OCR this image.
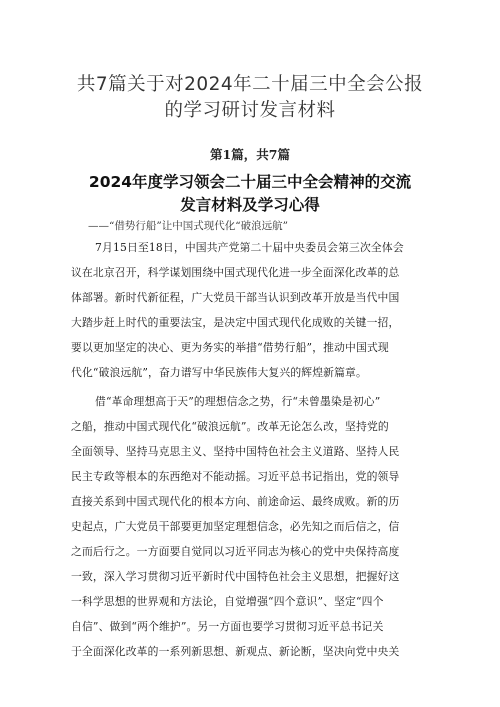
共7篇关于对2024年二十届三中全会公报
的学习研讨发言材料
第1篇，共7篇
2024年度学习领会二十届三中全会精神的交流
发言材料及学习心得
——“借势行船”让中国式现代化“破浪远航”
7月15日至18日，中国共产党第二十届中央委员会第三次全体会
议在北京召开，科学谋划围绕中国式现代化进一步全面深化改革的总
体部署。新时代新征程，广大党员干部当认识到改革开放是当代中国
大踏步赶上时代的重要法宝，是决定中国式现代化成败的关键一招，
要以更加坚定的决心、更为务实的举措“借势行船”，推动中国式现
代化“破浪远航”，奋力谱写中华民族伟大复兴的辉煌新篇章。
借“革命理想高于天”的理想信念之势，行“未曾墨染是初心”
之船，推动中国式现代化“破浪远航”。改革无论怎么改，坚持党的
全面领导、坚持马克思主义、坚持中国特色社会主义道路、坚持人民
民主专政等根本的东西绝对不能动摇。习近平总书记指出，党的领导
直接关系到中国式现代化的根本方向、前途命运、最终成败。新的历
史起点，广大党员干部要更加坚定理想信念，必先知之而后信之，信
之而后行之。一方面要自觉同以习近平同志为核心的党中央保持高度
一致，深入学习贯彻习近平新时代中国特色社会主义思想，把握好这
一科学思想的世界观和方法论，自觉增强“四个意识”、坚定“四个
自信”、做到“两个维护”。另一方面也要学习贯彻习近平总书记关
于全面深化改革的一系列新思想、新观点、新论断，坚决向党中央关
